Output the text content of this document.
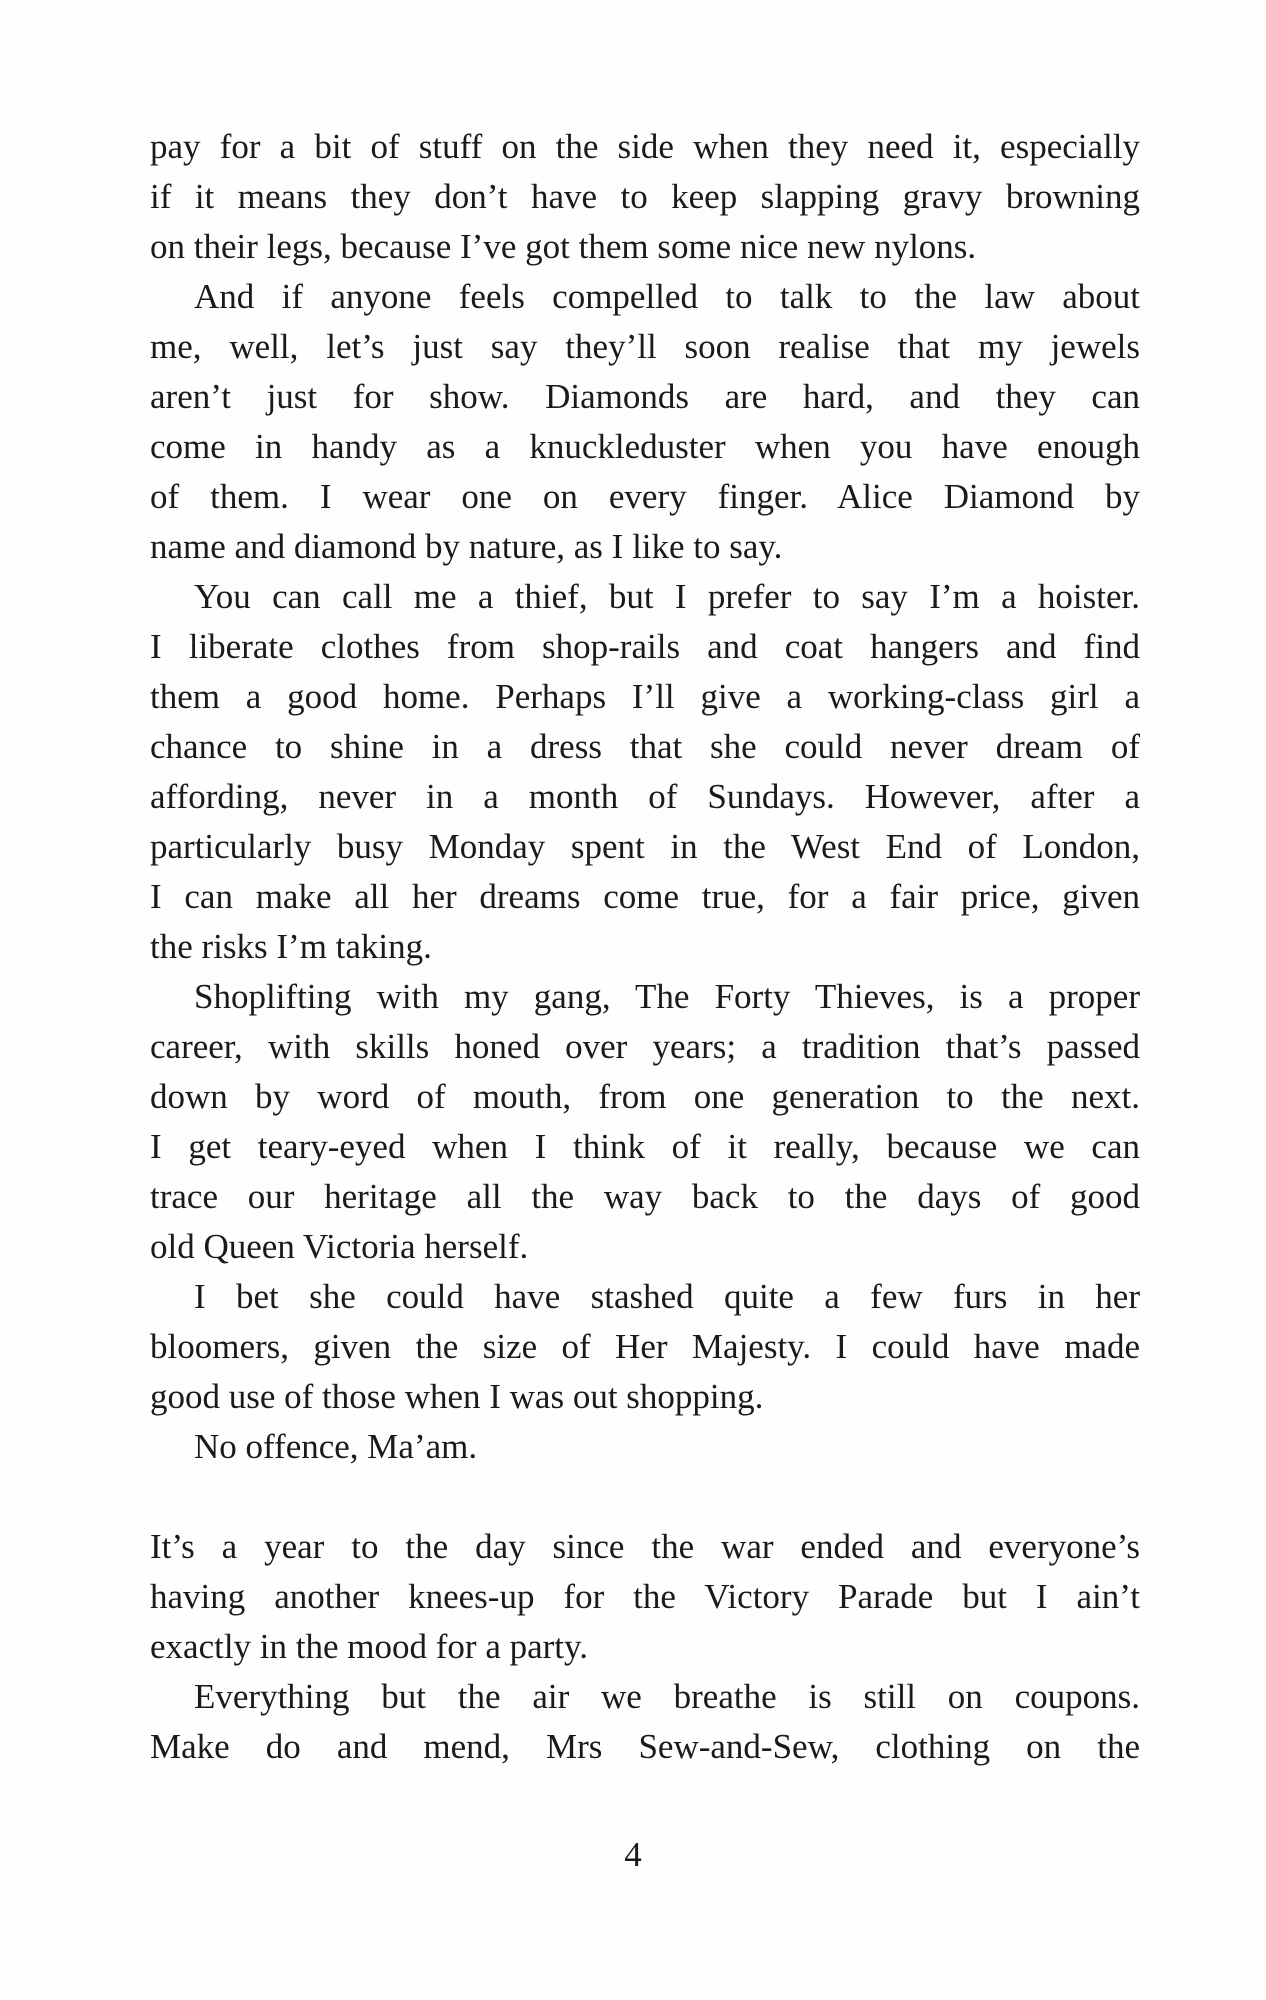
pay for a bit of stuff on the side when they need it, especially
if it means they don’t have to keep slapping gravy browning
on their legs, because I’ve got them some nice new nylons.
And if anyone feels compelled to talk to the law about
me, well, let’s just say they’ll soon realise that my jewels
aren’t just for show. Diamonds are hard, and they can
come in handy as a knuckleduster when you have enough
of them. I wear one on every finger. Alice Diamond by
name and diamond by nature, as I like to say.
You can call me a thief, but I prefer to say I’m a hoister.
I liberate clothes from shop-rails and coat hangers and find
them a good home. Perhaps I’ll give a working-class girl a
chance to shine in a dress that she could never dream of
affording, never in a month of Sundays. However, after a
particularly busy Monday spent in the West End of London,
I can make all her dreams come true, for a fair price, given
the risks I’m taking.
Shoplifting with my gang, The Forty Thieves, is a proper
career, with skills honed over years; a tradition that’s passed
down by word of mouth, from one generation to the next.
I get teary-eyed when I think of it really, because we can
trace our heritage all the way back to the days of good
old Queen Victoria herself.
I bet she could have stashed quite a few furs in her
bloomers, given the size of Her Majesty. I could have made
good use of those when I was out shopping.
No offence, Ma’am.
It’s a year to the day since the war ended and everyone’s
having another knees-up for the Victory Parade but I ain’t
exactly in the mood for a party.
Everything but the air we breathe is still on coupons.
Make do and mend, Mrs Sew-and-Sew, clothing on the
4
